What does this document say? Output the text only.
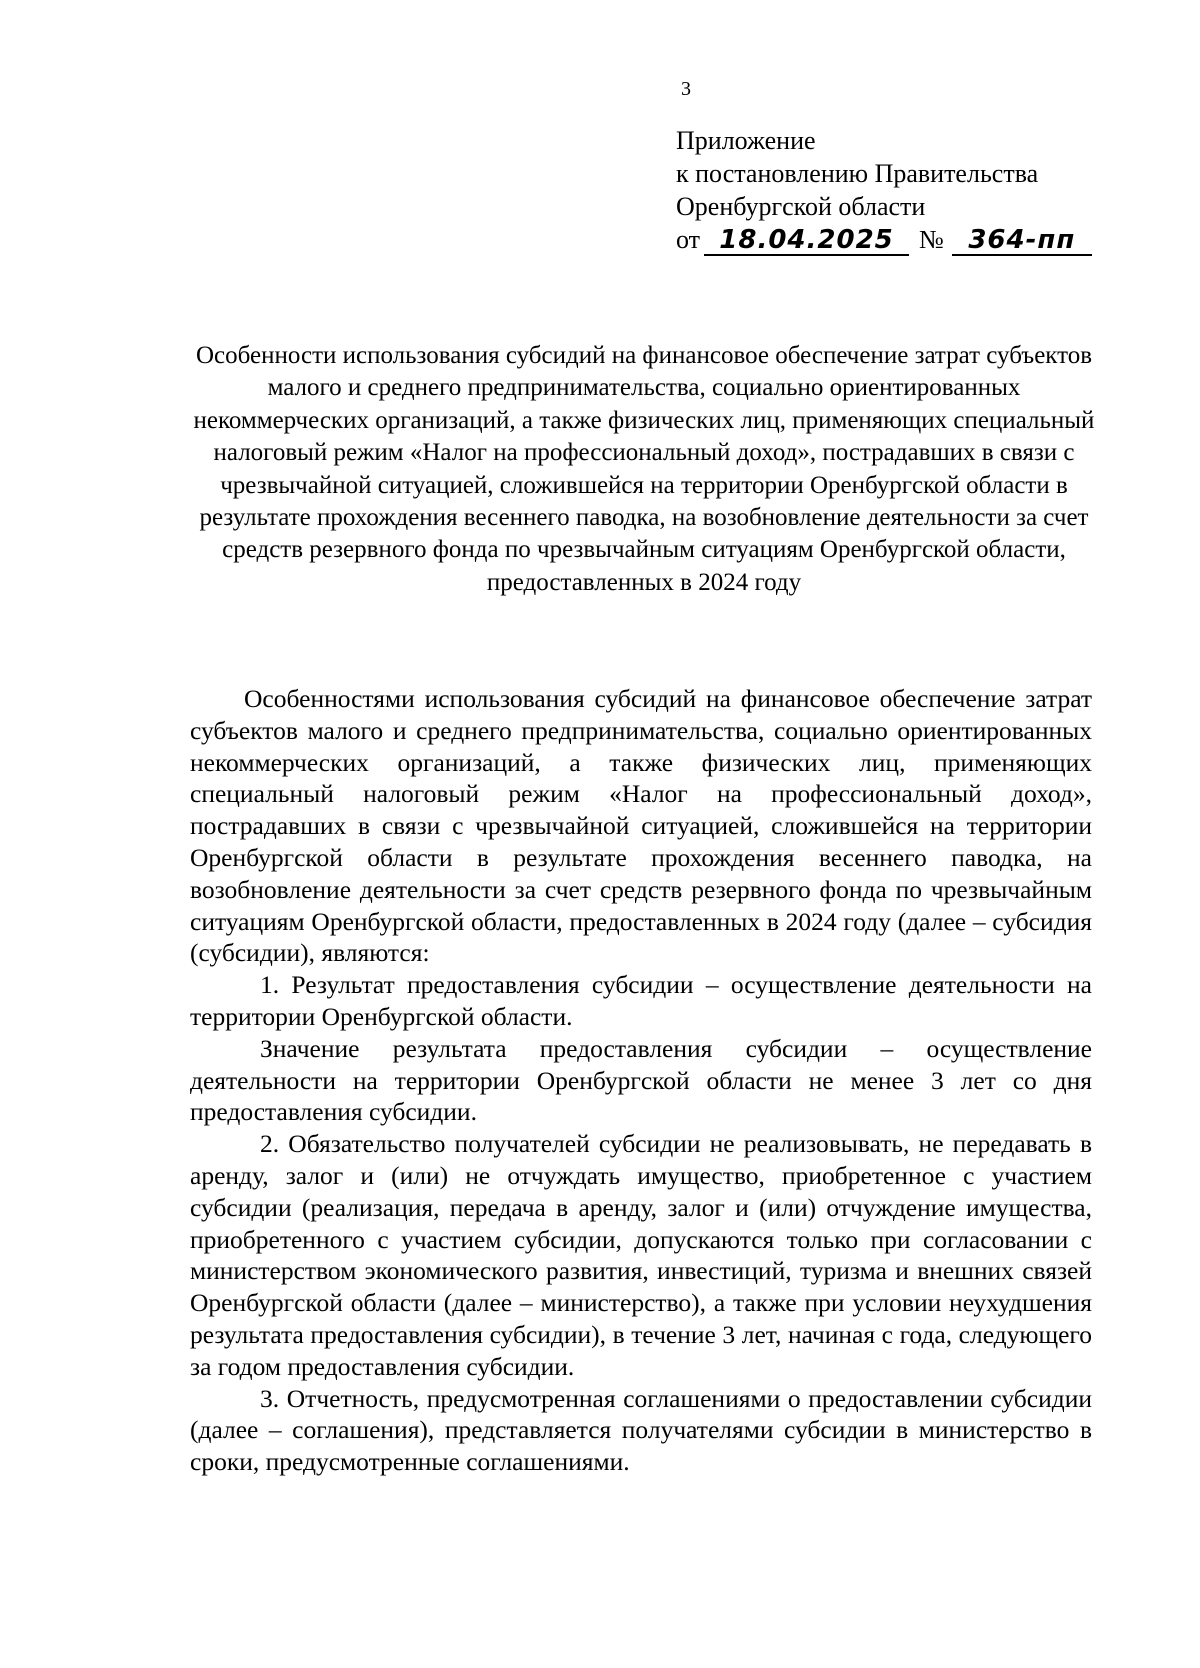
3
Приложение
к постановлению Правительства
Оренбургской области
от 18.04.2025 № 364-пп
Особенности использования субсидий на финансовое обеспечение затрат субъектов малого и среднего предпринимательства, социально ориентированных некоммерческих организаций, а также физических лиц, применяющих специальный налоговый режим «Налог на профессиональный доход», пострадавших в связи с чрезвычайной ситуацией, сложившейся на территории Оренбургской области в результате прохождения весеннего паводка, на возобновление деятельности за счет средств резервного фонда по чрезвычайным ситуациям Оренбургской области, предоставленных в 2024 году

Особенностями использования субсидий на финансовое обеспечение затрат субъектов малого и среднего предпринимательства, социально ориентированных некоммерческих организаций, а также физических лиц, применяющих специальный налоговый режим «Налог на профессиональный доход», пострадавших в связи с чрезвычайной ситуацией, сложившейся на территории Оренбургской области в результате прохождения весеннего паводка, на возобновление деятельности за счет средств резервного фонда по чрезвычайным ситуациям Оренбургской области, предоставленных в 2024 году (далее – субсидия (субсидии), являются:

1. Результат предоставления субсидии – осуществление деятельности на территории Оренбургской области.

Значение результата предоставления субсидии – осуществление деятельности на территории Оренбургской области не менее 3 лет со дня предоставления субсидии.

2. Обязательство получателей субсидии не реализовывать, не передавать в аренду, залог и (или) не отчуждать имущество, приобретенное с участием субсидии (реализация, передача в аренду, залог и (или) отчуждение имущества, приобретенного с участием субсидии, допускаются только при согласовании с министерством экономического развития, инвестиций, туризма и внешних связей Оренбургской области (далее – министерство), а также при условии неухудшения результата предоставления субсидии), в течение 3 лет, начиная с года, следующего за годом предоставления субсидии.

3. Отчетность, предусмотренная соглашениями о предоставлении субсидии (далее – соглашения), представляется получателями субсидии в министерство в сроки, предусмотренные соглашениями.
